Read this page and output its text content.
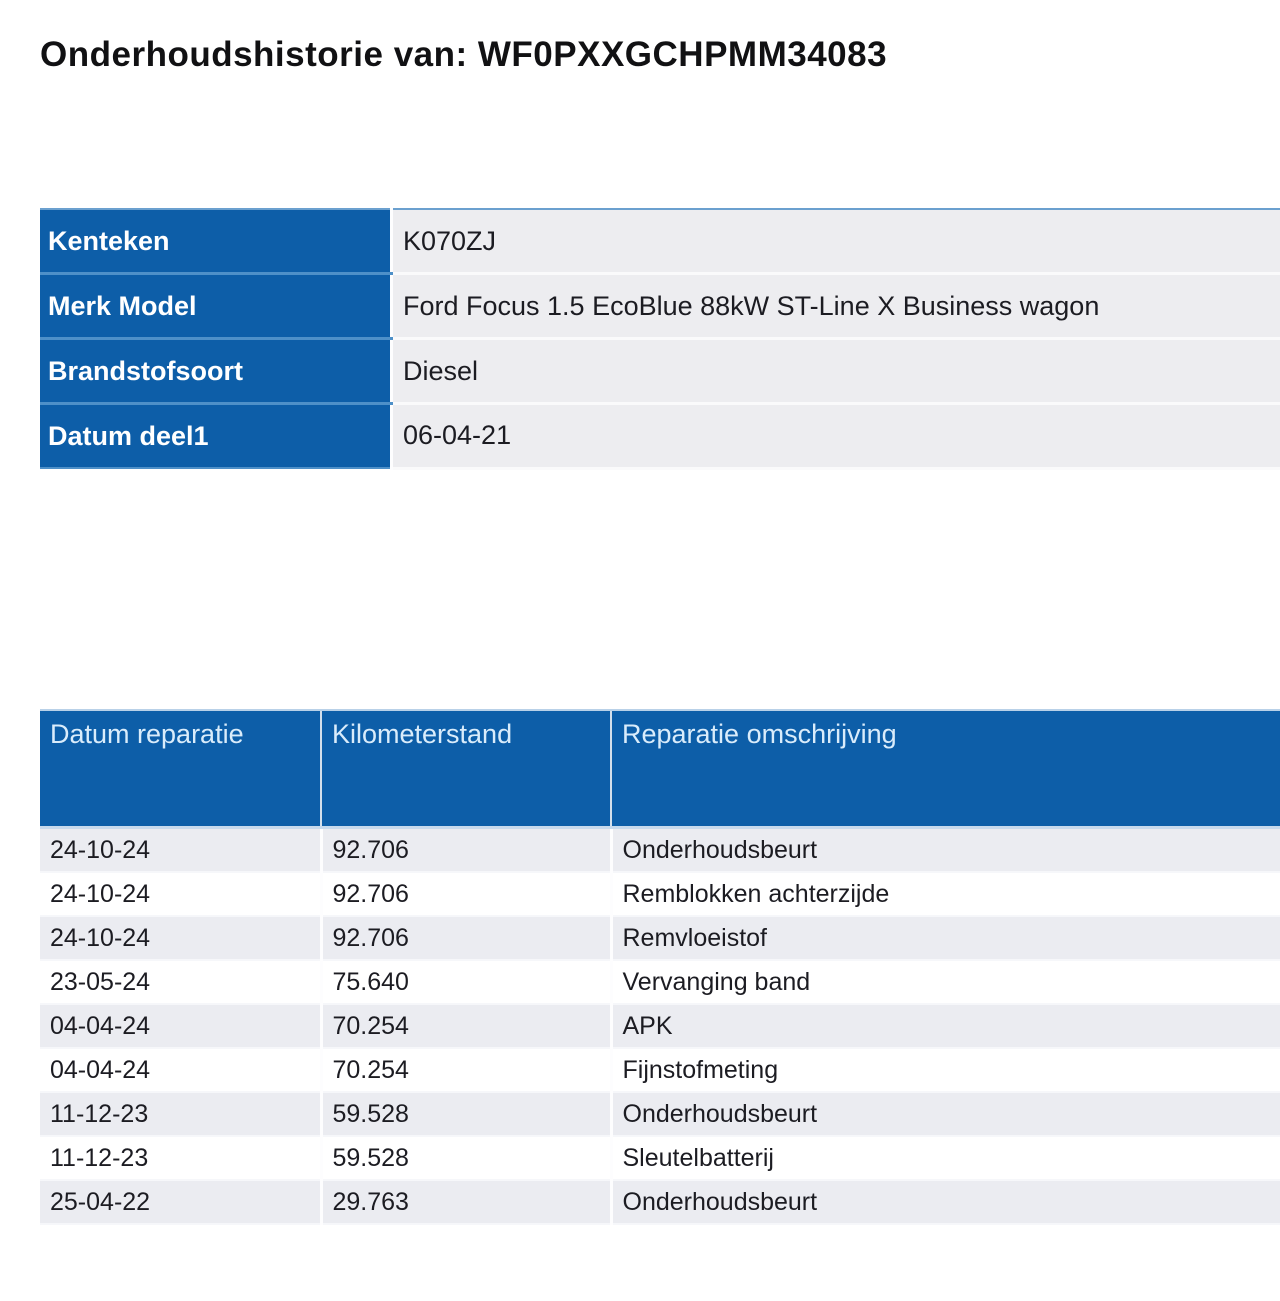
Onderhoudshistorie van: WF0PXXGCHPMM34083
Kenteken	K070ZJ
Merk Model	Ford Focus 1.5 EcoBlue 88kW ST-Line X Business wagon
Brandstofsoort	Diesel
Datum deel1	06-04-21
Datum reparatie	Kilometerstand	Reparatie omschrijving
24-10-24	92.706	Onderhoudsbeurt
24-10-24	92.706	Remblokken achterzijde
24-10-24	92.706	Remvloeistof
23-05-24	75.640	Vervanging band
04-04-24	70.254	APK
04-04-24	70.254	Fijnstofmeting
11-12-23	59.528	Onderhoudsbeurt
11-12-23	59.528	Sleutelbatterij
25-04-22	29.763	Onderhoudsbeurt
